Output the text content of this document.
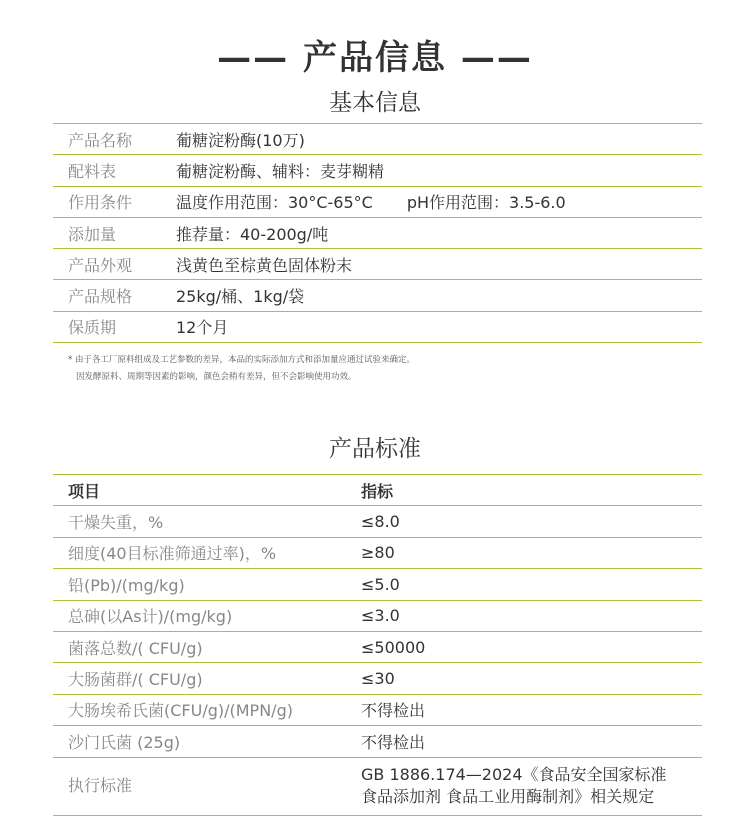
—— 产品信息 ——
基本信息
产品名称	葡糖淀粉酶(10万)
配料表	葡糖淀粉酶、辅料：麦芽糊精
作用条件	温度作用范围：30°C-65°C pH作用范围：3.5-6.0
添加量	推荐量：40-200g/吨
产品外观	浅黄色至棕黄色固体粉末
产品规格	25kg/桶、1kg/袋
保质期	12个月
* 由于各工厂原料组成及工艺参数的差异，本品的实际添加方式和添加量应通过试验来确定。
因发酵原料、周期等因素的影响，颜色会稍有差异，但不会影响使用功效。
产品标准
项目	指标
干燥失重，%	≤8.0
细度(40目标准筛通过率)，%	≥80
铅(Pb)/(mg/kg)	≤5.0
总砷(以As计)/(mg/kg)	≤3.0
菌落总数/( CFU/g)	≤50000
大肠菌群/( CFU/g)	≤30
大肠埃希氏菌(CFU/g)/(MPN/g)	不得检出
沙门氏菌 (25g)	不得检出
执行标准	GB 1886.174—2024《食品安全国家标准
食品添加剂 食品工业用酶制剂》相关规定
